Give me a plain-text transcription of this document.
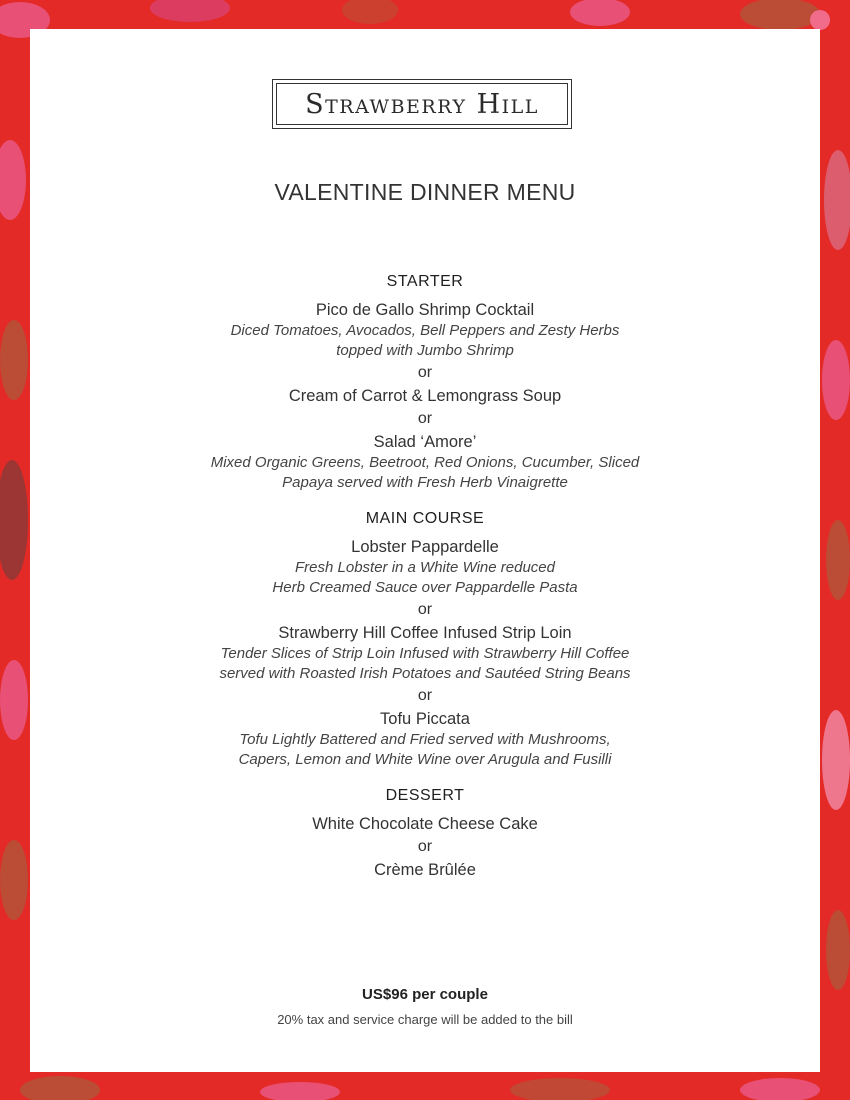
Strawberry Hill
VALENTINE DINNER MENU
STARTER
Pico de Gallo Shrimp Cocktail
Diced Tomatoes, Avocados, Bell Peppers and Zesty Herbs
topped with Jumbo Shrimp
or
Cream of Carrot & Lemongrass Soup
or
Salad ‘Amore’
Mixed Organic Greens, Beetroot, Red Onions, Cucumber, Sliced
Papaya served with Fresh Herb Vinaigrette
MAIN COURSE
Lobster Pappardelle
Fresh Lobster in a White Wine reduced
Herb Creamed Sauce over Pappardelle Pasta
or
Strawberry Hill Coffee Infused Strip Loin
Tender Slices of Strip Loin Infused with Strawberry Hill Coffee
served with Roasted Irish Potatoes and Sautéed String Beans
or
Tofu Piccata
Tofu Lightly Battered and Fried served with Mushrooms,
Capers, Lemon and White Wine over Arugula and Fusilli
DESSERT
White Chocolate Cheese Cake
or
Crème Brûlée
US$96 per couple
20% tax and service charge will be added to the bill
